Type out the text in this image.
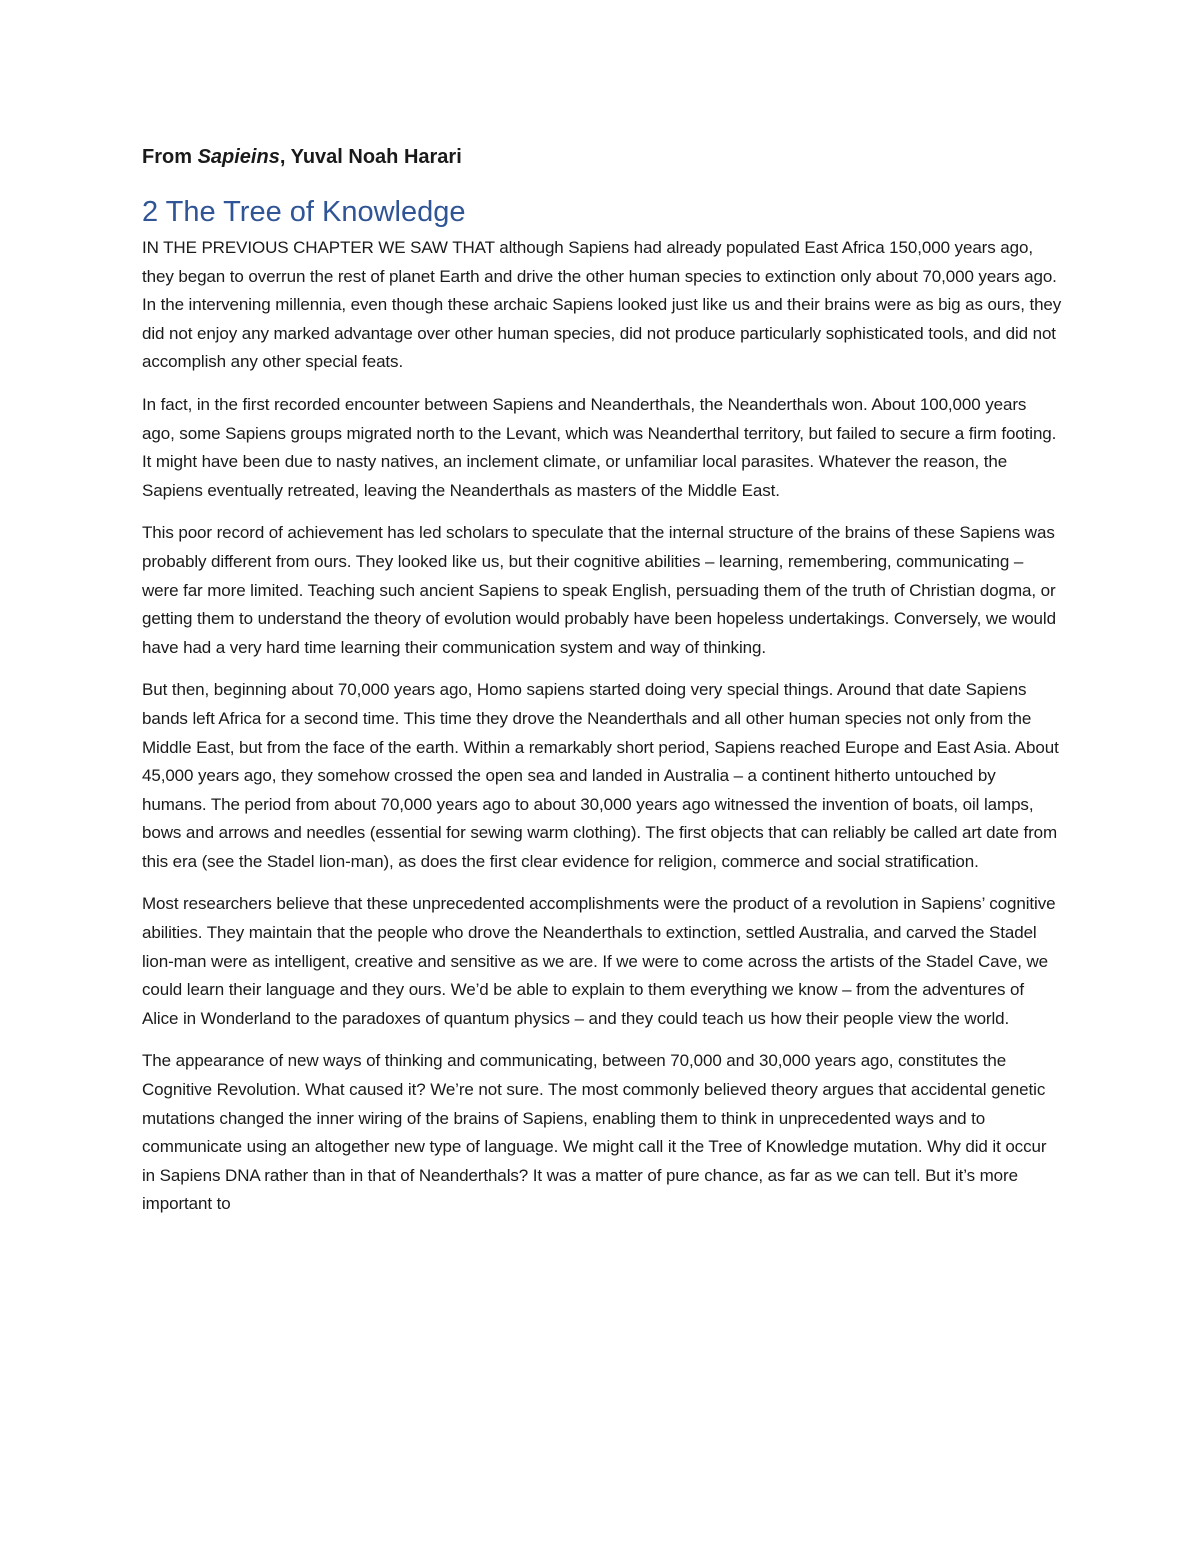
From Sapieins, Yuval Noah Harari
2 The Tree of Knowledge

IN THE PREVIOUS CHAPTER WE SAW THAT although Sapiens had already populated East Africa 150,000 years ago, they began to overrun the rest of planet Earth and drive the other human species to extinction only about 70,000 years ago. In the intervening millennia, even though these archaic Sapiens looked just like us and their brains were as big as ours, they did not enjoy any marked advantage over other human species, did not produce particularly sophisticated tools, and did not accomplish any other special feats.

In fact, in the first recorded encounter between Sapiens and Neanderthals, the Neanderthals won. About 100,000 years ago, some Sapiens groups migrated north to the Levant, which was Neanderthal territory, but failed to secure a firm footing. It might have been due to nasty natives, an inclement climate, or unfamiliar local parasites. Whatever the reason, the Sapiens eventually retreated, leaving the Neanderthals as masters of the Middle East.

This poor record of achievement has led scholars to speculate that the internal structure of the brains of these Sapiens was probably different from ours. They looked like us, but their cognitive abilities – learning, remembering, communicating – were far more limited. Teaching such ancient Sapiens to speak English, persuading them of the truth of Christian dogma, or getting them to understand the theory of evolution would probably have been hopeless undertakings. Conversely, we would have had a very hard time learning their communication system and way of thinking.

But then, beginning about 70,000 years ago, Homo sapiens started doing very special things. Around that date Sapiens bands left Africa for a second time. This time they drove the Neanderthals and all other human species not only from the Middle East, but from the face of the earth. Within a remarkably short period, Sapiens reached Europe and East Asia. About 45,000 years ago, they somehow crossed the open sea and landed in Australia – a continent hitherto untouched by humans. The period from about 70,000 years ago to about 30,000 years ago witnessed the invention of boats, oil lamps, bows and arrows and needles (essential for sewing warm clothing). The first objects that can reliably be called art date from this era (see the Stadel lion-man), as does the first clear evidence for religion, commerce and social stratification.

Most researchers believe that these unprecedented accomplishments were the product of a revolution in Sapiens’ cognitive abilities. They maintain that the people who drove the Neanderthals to extinction, settled Australia, and carved the Stadel lion-man were as intelligent, creative and sensitive as we are. If we were to come across the artists of the Stadel Cave, we could learn their language and they ours. We’d be able to explain to them everything we know – from the adventures of Alice in Wonderland to the paradoxes of quantum physics – and they could teach us how their people view the world.

The appearance of new ways of thinking and communicating, between 70,000 and 30,000 years ago, constitutes the Cognitive Revolution. What caused it? We’re not sure. The most commonly believed theory argues that accidental genetic mutations changed the inner wiring of the brains of Sapiens, enabling them to think in unprecedented ways and to communicate using an altogether new type of language. We might call it the Tree of Knowledge mutation. Why did it occur in Sapiens DNA rather than in that of Neanderthals? It was a matter of pure chance, as far as we can tell. But it’s more important to
